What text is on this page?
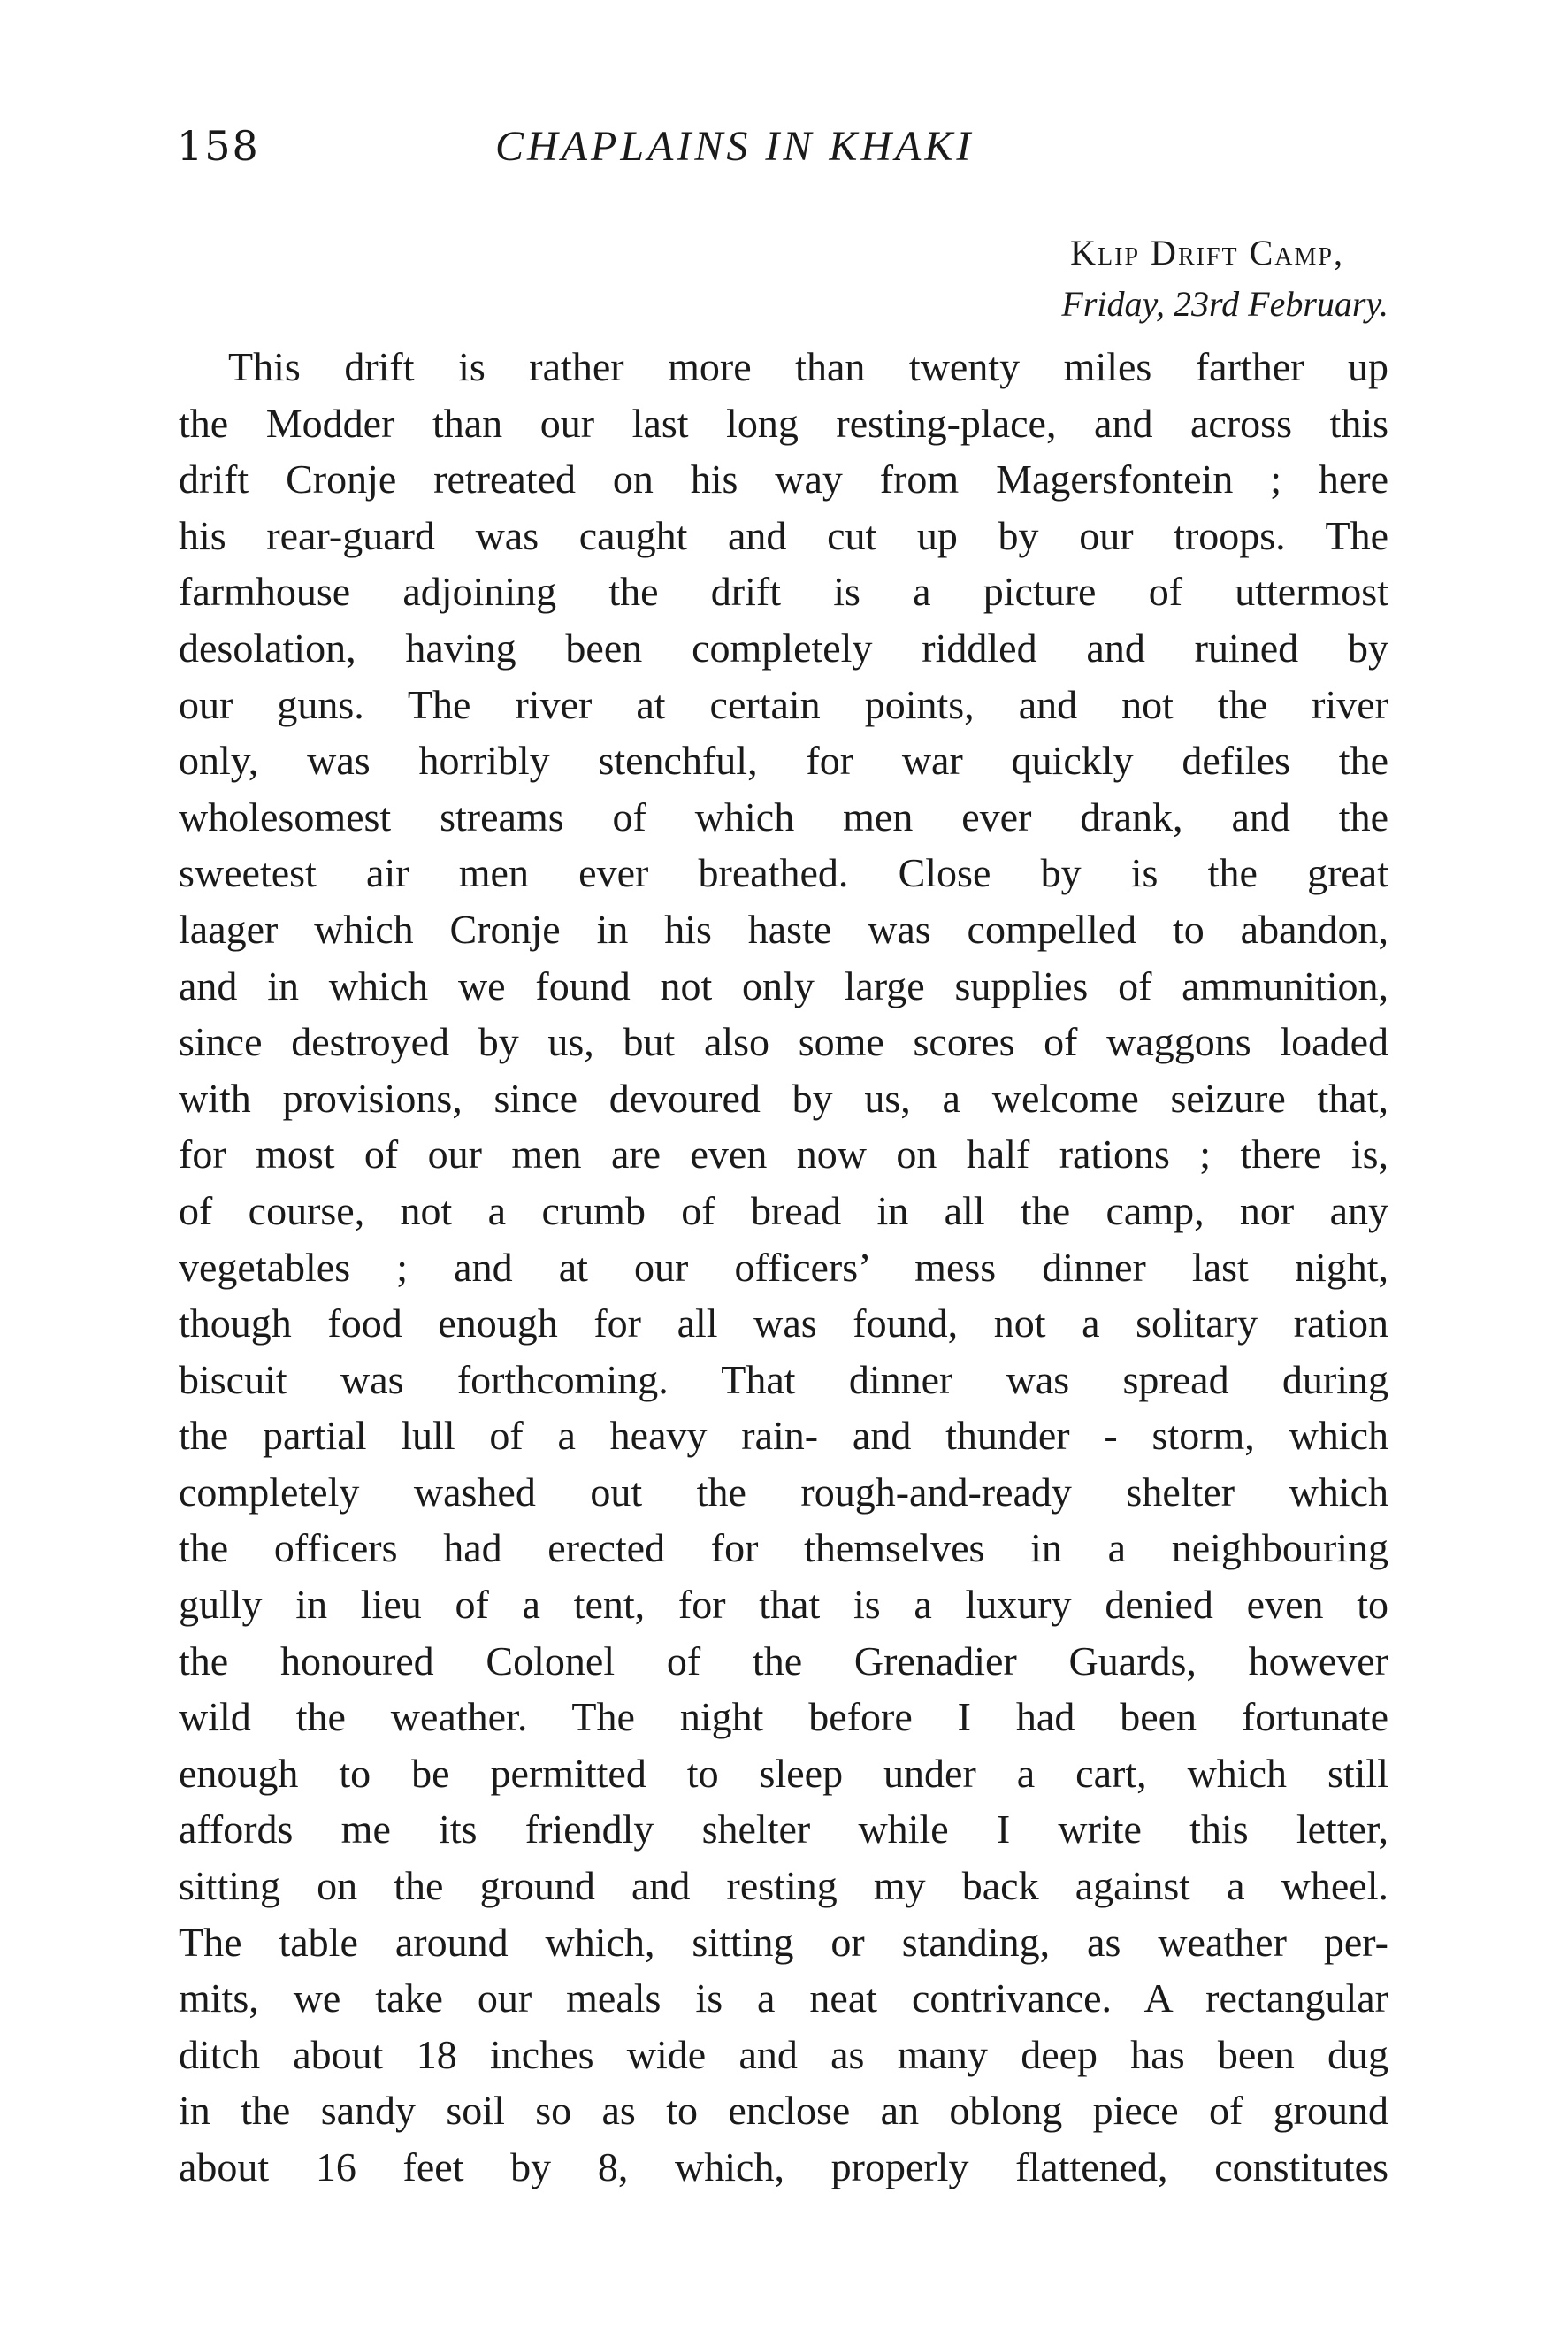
158	CHAPLAINS IN KHAKI
Klip Drift Camp,
Friday, 23rd February.
This drift is rather more than twenty miles farther up
the Modder than our last long resting-place, and across this
drift Cronje retreated on his way from Magersfontein ; here
his rear-guard was caught and cut up by our troops. The
farmhouse adjoining the drift is a picture of uttermost
desolation, having been completely riddled and ruined by
our guns. The river at certain points, and not the river
only, was horribly stenchful, for war quickly defiles the
wholesomest streams of which men ever drank, and the
sweetest air men ever breathed. Close by is the great
laager which Cronje in his haste was compelled to abandon,
and in which we found not only large supplies of ammunition,
since destroyed by us, but also some scores of waggons loaded
with provisions, since devoured by us, a welcome seizure that,
for most of our men are even now on half rations ; there is,
of course, not a crumb of bread in all the camp, nor any
vegetables ; and at our officers’ mess dinner last night,
though food enough for all was found, not a solitary ration
biscuit was forthcoming. That dinner was spread during
the partial lull of a heavy rain- and thunder - storm, which
completely washed out the rough-and-ready shelter which
the officers had erected for themselves in a neighbouring
gully in lieu of a tent, for that is a luxury denied even to
the honoured Colonel of the Grenadier Guards, however
wild the weather. The night before I had been fortunate
enough to be permitted to sleep under a cart, which still
affords me its friendly shelter while I write this letter,
sitting on the ground and resting my back against a wheel.
The table around which, sitting or standing, as weather per-
mits, we take our meals is a neat contrivance. A rectangular
ditch about 18 inches wide and as many deep has been dug
in the sandy soil so as to enclose an oblong piece of ground
about 16 feet by 8, which, properly flattened, constitutes
